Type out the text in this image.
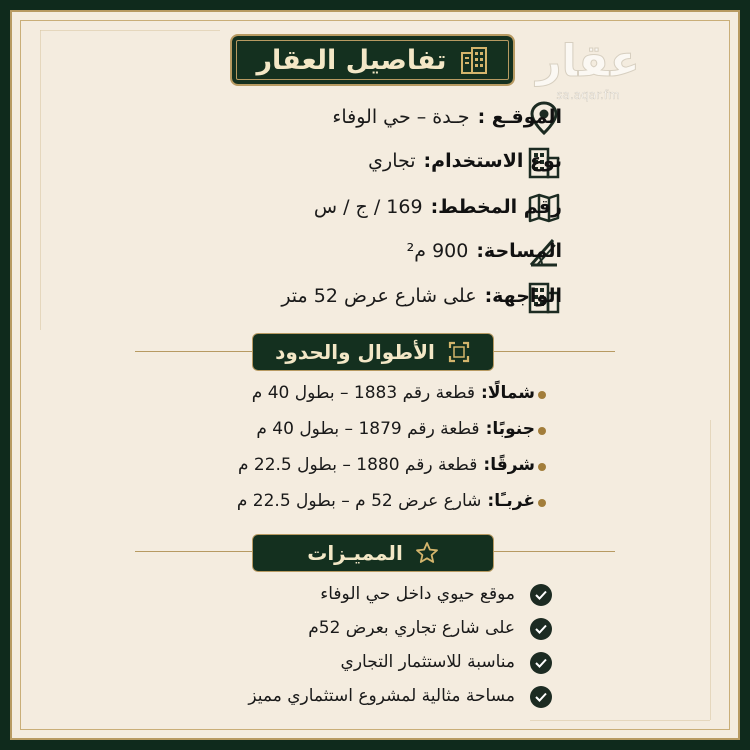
تفاصيل العقار عقار
sa.aqar.fm
الموقـع :
جـدة – حي الوفاء
نوع الاستخدام:
تجاري
رقم المخطط:
169 / ج / س
المساحة:
900 م²
الواجهة:
على شارع عرض 52 متر
الأطوال والحدود
شمالًا:
قطعة رقم 1883 – بطول 40 م
جنوبًا:
قطعة رقم 1879 – بطول 40 م
شرقًا:
قطعة رقم 1880 – بطول 22.5 م
غربـًا:
شارع عرض 52 م – بطول 22.5 م
المميـزات
موقع حيوي داخل حي الوفاء
على شارع تجاري بعرض 52م
مناسبة للاستثمار التجاري
مساحة مثالية لمشروع استثماري مميز
